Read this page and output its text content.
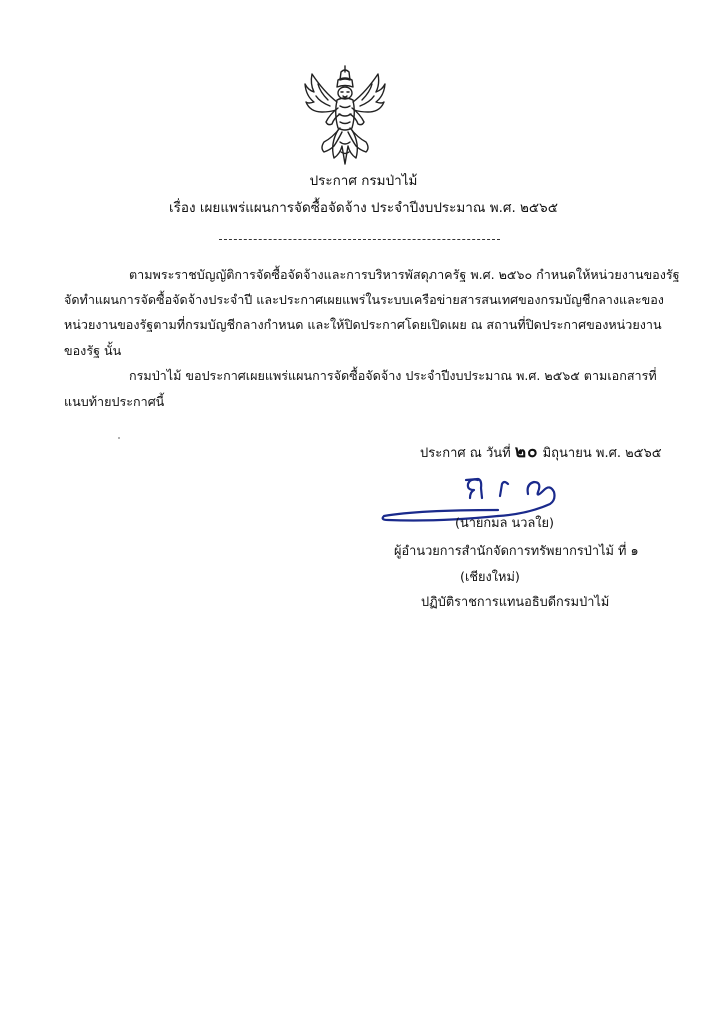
ประกาศ กรมป่าไม้
เรื่อง เผยแพร่แผนการจัดซื้อจัดจ้าง ประจำปีงบประมาณ พ.ศ. ๒๕๖๕
ตามพระราชบัญญัติการจัดซื้อจัดจ้างและการบริหารพัสดุภาครัฐ พ.ศ. ๒๕๖๐ กำหนดให้หน่วยงานของรัฐ
จัดทำแผนการจัดซื้อจัดจ้างประจำปี และประกาศเผยแพร่ในระบบเครือข่ายสารสนเทศของกรมบัญชีกลางและของ
หน่วยงานของรัฐตามที่กรมบัญชีกลางกำหนด และให้ปิดประกาศโดยเปิดเผย ณ สถานที่ปิดประกาศของหน่วยงาน
ของรัฐ นั้น
กรมป่าไม้ ขอประกาศเผยแพร่แผนการจัดซื้อจัดจ้าง ประจำปีงบประมาณ พ.ศ. ๒๕๖๕ ตามเอกสารที่
แนบท้ายประกาศนี้
ประกาศ ณ วันที่ ๒๐ มิถุนายน พ.ศ. ๒๕๖๕
(นายกมล นวลใย)
ผู้อำนวยการสำนักจัดการทรัพยากรป่าไม้ ที่ ๑
(เชียงใหม่)
ปฏิบัติราชการแทนอธิบดีกรมป่าไม้
